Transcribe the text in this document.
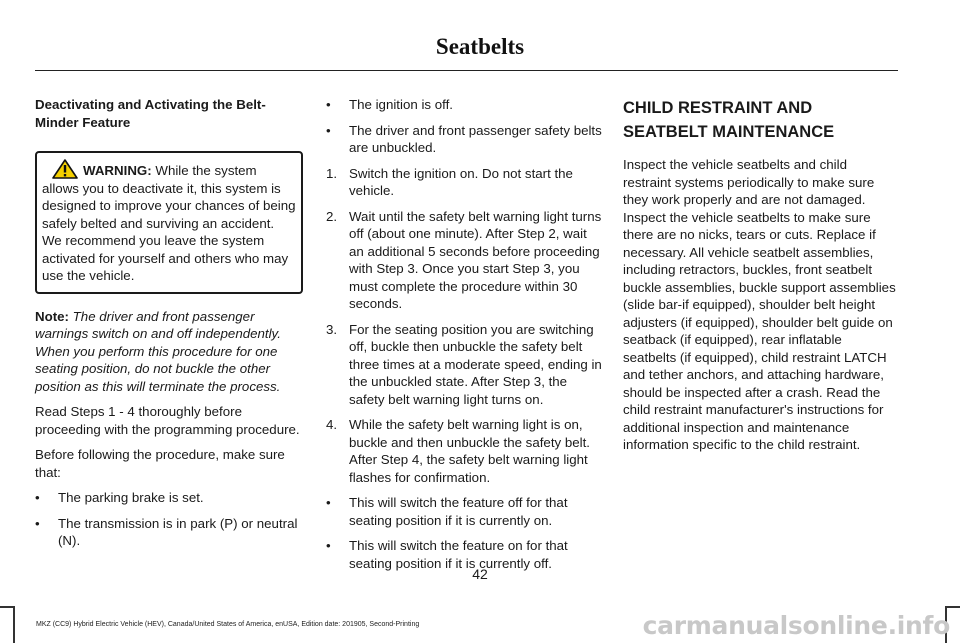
Seatbelts

Deactivating and Activating the Belt-Minder Feature

WARNING: While the system allows you to deactivate it, this system is designed to improve your chances of being safely belted and surviving an accident. We recommend you leave the system activated for yourself and others who may use the vehicle.

Note: The driver and front passenger warnings switch on and off independently. When you perform this procedure for one seating position, do not buckle the other position as this will terminate the process.

Read Steps 1 - 4 thoroughly before proceeding with the programming procedure.

Before following the procedure, make sure that:

• The parking brake is set.
• The transmission is in park (P) or neutral (N).
• The ignition is off.
• The driver and front passenger safety belts are unbuckled.
1. Switch the ignition on. Do not start the vehicle.
2. Wait until the safety belt warning light turns off (about one minute). After Step 2, wait an additional 5 seconds before proceeding with Step 3. Once you start Step 3, you must complete the procedure within 30 seconds.
3. For the seating position you are switching off, buckle then unbuckle the safety belt three times at a moderate speed, ending in the unbuckled state. After Step 3, the safety belt warning light turns on.
4. While the safety belt warning light is on, buckle and then unbuckle the safety belt. After Step 4, the safety belt warning light flashes for confirmation.
• This will switch the feature off for that seating position if it is currently on.
• This will switch the feature on for that seating position if it is currently off.

CHILD RESTRAINT AND SEATBELT MAINTENANCE

Inspect the vehicle seatbelts and child restraint systems periodically to make sure they work properly and are not damaged. Inspect the vehicle seatbelts to make sure there are no nicks, tears or cuts. Replace if necessary. All vehicle seatbelt assemblies, including retractors, buckles, front seatbelt buckle assemblies, buckle support assemblies (slide bar-if equipped), shoulder belt height adjusters (if equipped), shoulder belt guide on seatback (if equipped), rear inflatable seatbelts (if equipped), child restraint LATCH and tether anchors, and attaching hardware, should be inspected after a crash. Read the child restraint manufacturer's instructions for additional inspection and maintenance information specific to the child restraint.

42
MKZ (CC9) Hybrid Electric Vehicle (HEV), Canada/United States of America, enUSA, Edition date: 201905, Second-Printing	carmanualsonline.info
